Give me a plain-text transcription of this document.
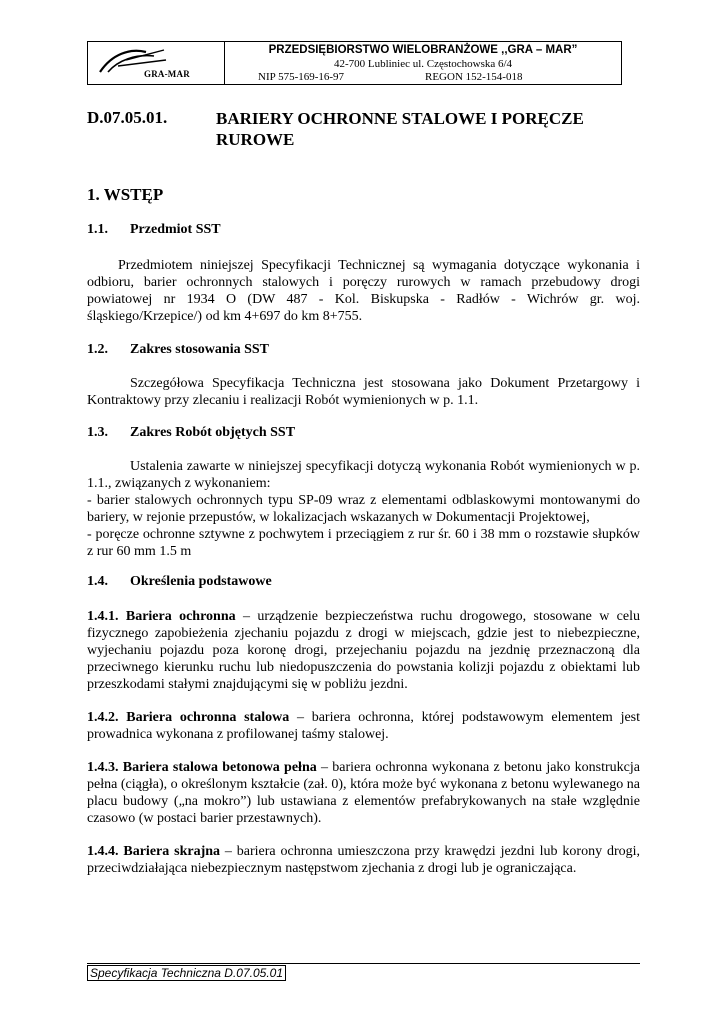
GRA-MAR
PRZEDSIĘBIORSTWO WIELOBRANŻOWE ,,GRA – MAR”
42-700 Lubliniec ul. Częstochowska 6/4
NIP 575-169-16-97	REGON 152-154-018
D.07.05.01.	BARIERY OCHRONNE STALOWE I PORĘCZE RUROWE
1. WSTĘP
1.1. Przedmiot SST

Przedmiotem niniejszej Specyfikacji Technicznej są wymagania dotyczące wykonania i odbioru, barier ochronnych stalowych i poręczy rurowych w ramach przebudowy drogi powiatowej nr 1934 O (DW 487 - Kol. Biskupska - Radłów - Wichrów gr. woj. śląskiego/Krzepice/) od km 4+697 do km 8+755.

1.2. Zakres stosowania SST

Szczegółowa Specyfikacja Techniczna jest stosowana jako Dokument Przetargowy i Kontraktowy przy zlecaniu i realizacji Robót wymienionych w p. 1.1.

1.3. Zakres Robót objętych SST
Ustalenia zawarte w niniejszej specyfikacji dotyczą wykonania Robót wymienionych w p. 1.1., związanych z wykonaniem:
- barier stalowych ochronnych typu SP-09 wraz z elementami odblaskowymi montowanymi do bariery, w rejonie przepustów, w lokalizacjach wskazanych w Dokumentacji Projektowej,
- poręcze ochronne sztywne z pochwytem i przeciągiem z rur śr. 60 i 38 mm o rozstawie słupków z rur 60 mm 1.5 m
1.4. Określenia podstawowe

1.4.1. Bariera ochronna – urządzenie bezpieczeństwa ruchu drogowego, stosowane w celu fizycznego zapobieżenia zjechaniu pojazdu z drogi w miejscach, gdzie jest to niebezpieczne, wyjechaniu pojazdu poza koronę drogi, przejechaniu pojazdu na jezdnię przeznaczoną dla przeciwnego kierunku ruchu lub niedopuszczenia do powstania kolizji pojazdu z obiektami lub przeszkodami stałymi znajdującymi się w pobliżu jezdni.

1.4.2. Bariera ochronna stalowa – bariera ochronna, której podstawowym elementem jest prowadnica wykonana z profilowanej taśmy stalowej.

1.4.3. Bariera stalowa betonowa pełna – bariera ochronna wykonana z betonu jako konstrukcja pełna (ciągła), o określonym kształcie (zał. 0), która może być wykonana z betonu wylewanego na placu budowy („na mokro”) lub ustawiana z elementów prefabrykowanych na stałe względnie czasowo (w postaci barier przestawnych).

1.4.4. Bariera skrajna – bariera ochronna umieszczona przy krawędzi jezdni lub korony drogi, przeciwdziałająca niebezpiecznym następstwom zjechania z drogi lub je ograniczająca.

Specyfikacja Techniczna D.07.05.01
